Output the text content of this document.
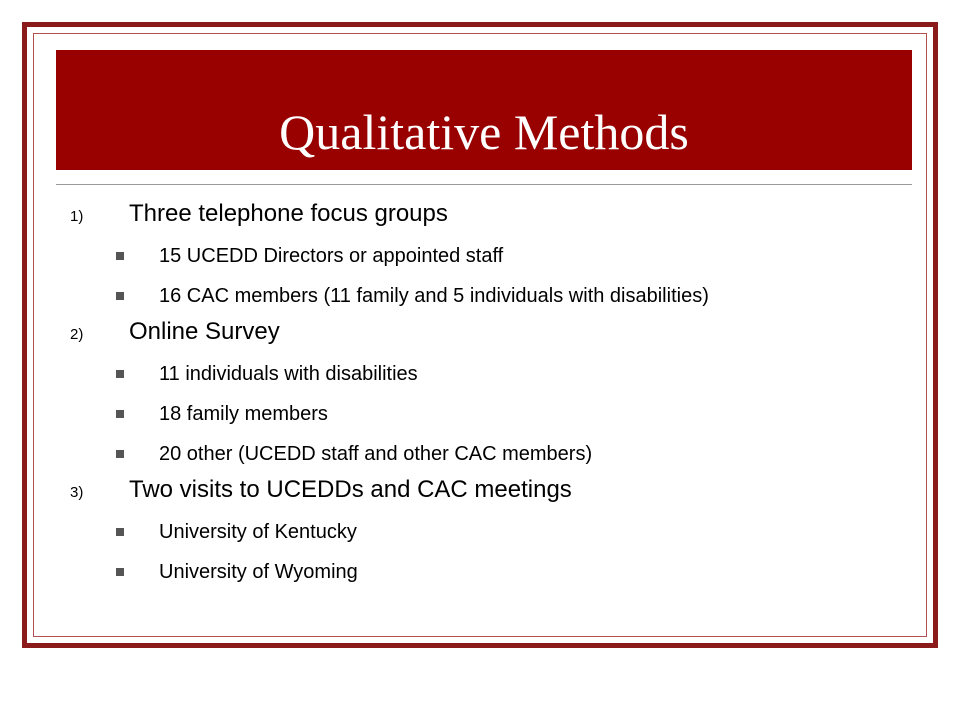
Qualitative Methods
1)	Three telephone focus groups
15 UCEDD Directors or appointed staff
16 CAC members (11 family and 5 individuals with disabilities)
2)	Online Survey
11 individuals with disabilities
18 family members
20 other (UCEDD staff and other CAC members)
3)	Two visits to UCEDDs and CAC meetings
University of Kentucky
University of Wyoming
